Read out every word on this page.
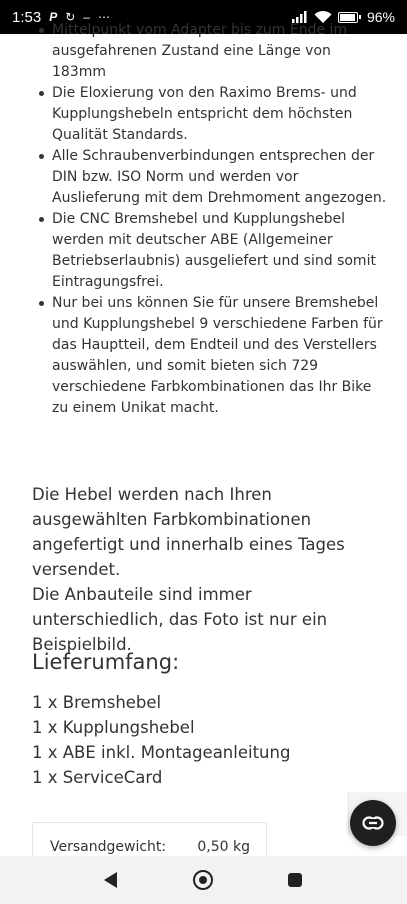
1:53 P ↻ ‒ ⋯	96%
Mittelpunkt vom Adapter bis zum Ende im ausgefahrenen Zustand eine Länge von 183mm
Die Eloxierung von den Raximo Brems- und Kupplungshebeln entspricht dem höchsten Qualität Standards.
Alle Schraubenverbindungen entsprechen der DIN bzw. ISO Norm und werden vor Auslieferung mit dem Drehmoment angezogen.
Die CNC Bremshebel und Kupplungshebel werden mit deutscher ABE (Allgemeiner Betriebserlaubnis) ausgeliefert und sind somit Eintragungsfrei.
Nur bei uns können Sie für unsere Bremshebel und Kupplungshebel 9 verschiedene Farben für das Hauptteil, dem Endteil und des Verstellers auswählen, und somit bieten sich 729 verschiedene Farbkombinationen das Ihr Bike zu einem Unikat macht.
Die Hebel werden nach Ihren ausgewählten Farbkombinationen angefertigt und innerhalb eines Tages versendet.
Die Anbauteile sind immer unterschiedlich, das Foto ist nur ein Beispielbild.
Lieferumfang:
1 x Bremshebel
1 x Kupplungshebel
1 x ABE inkl. Montageanleitung
1 x ServiceCard
Versandgewicht: 0,50 kg
